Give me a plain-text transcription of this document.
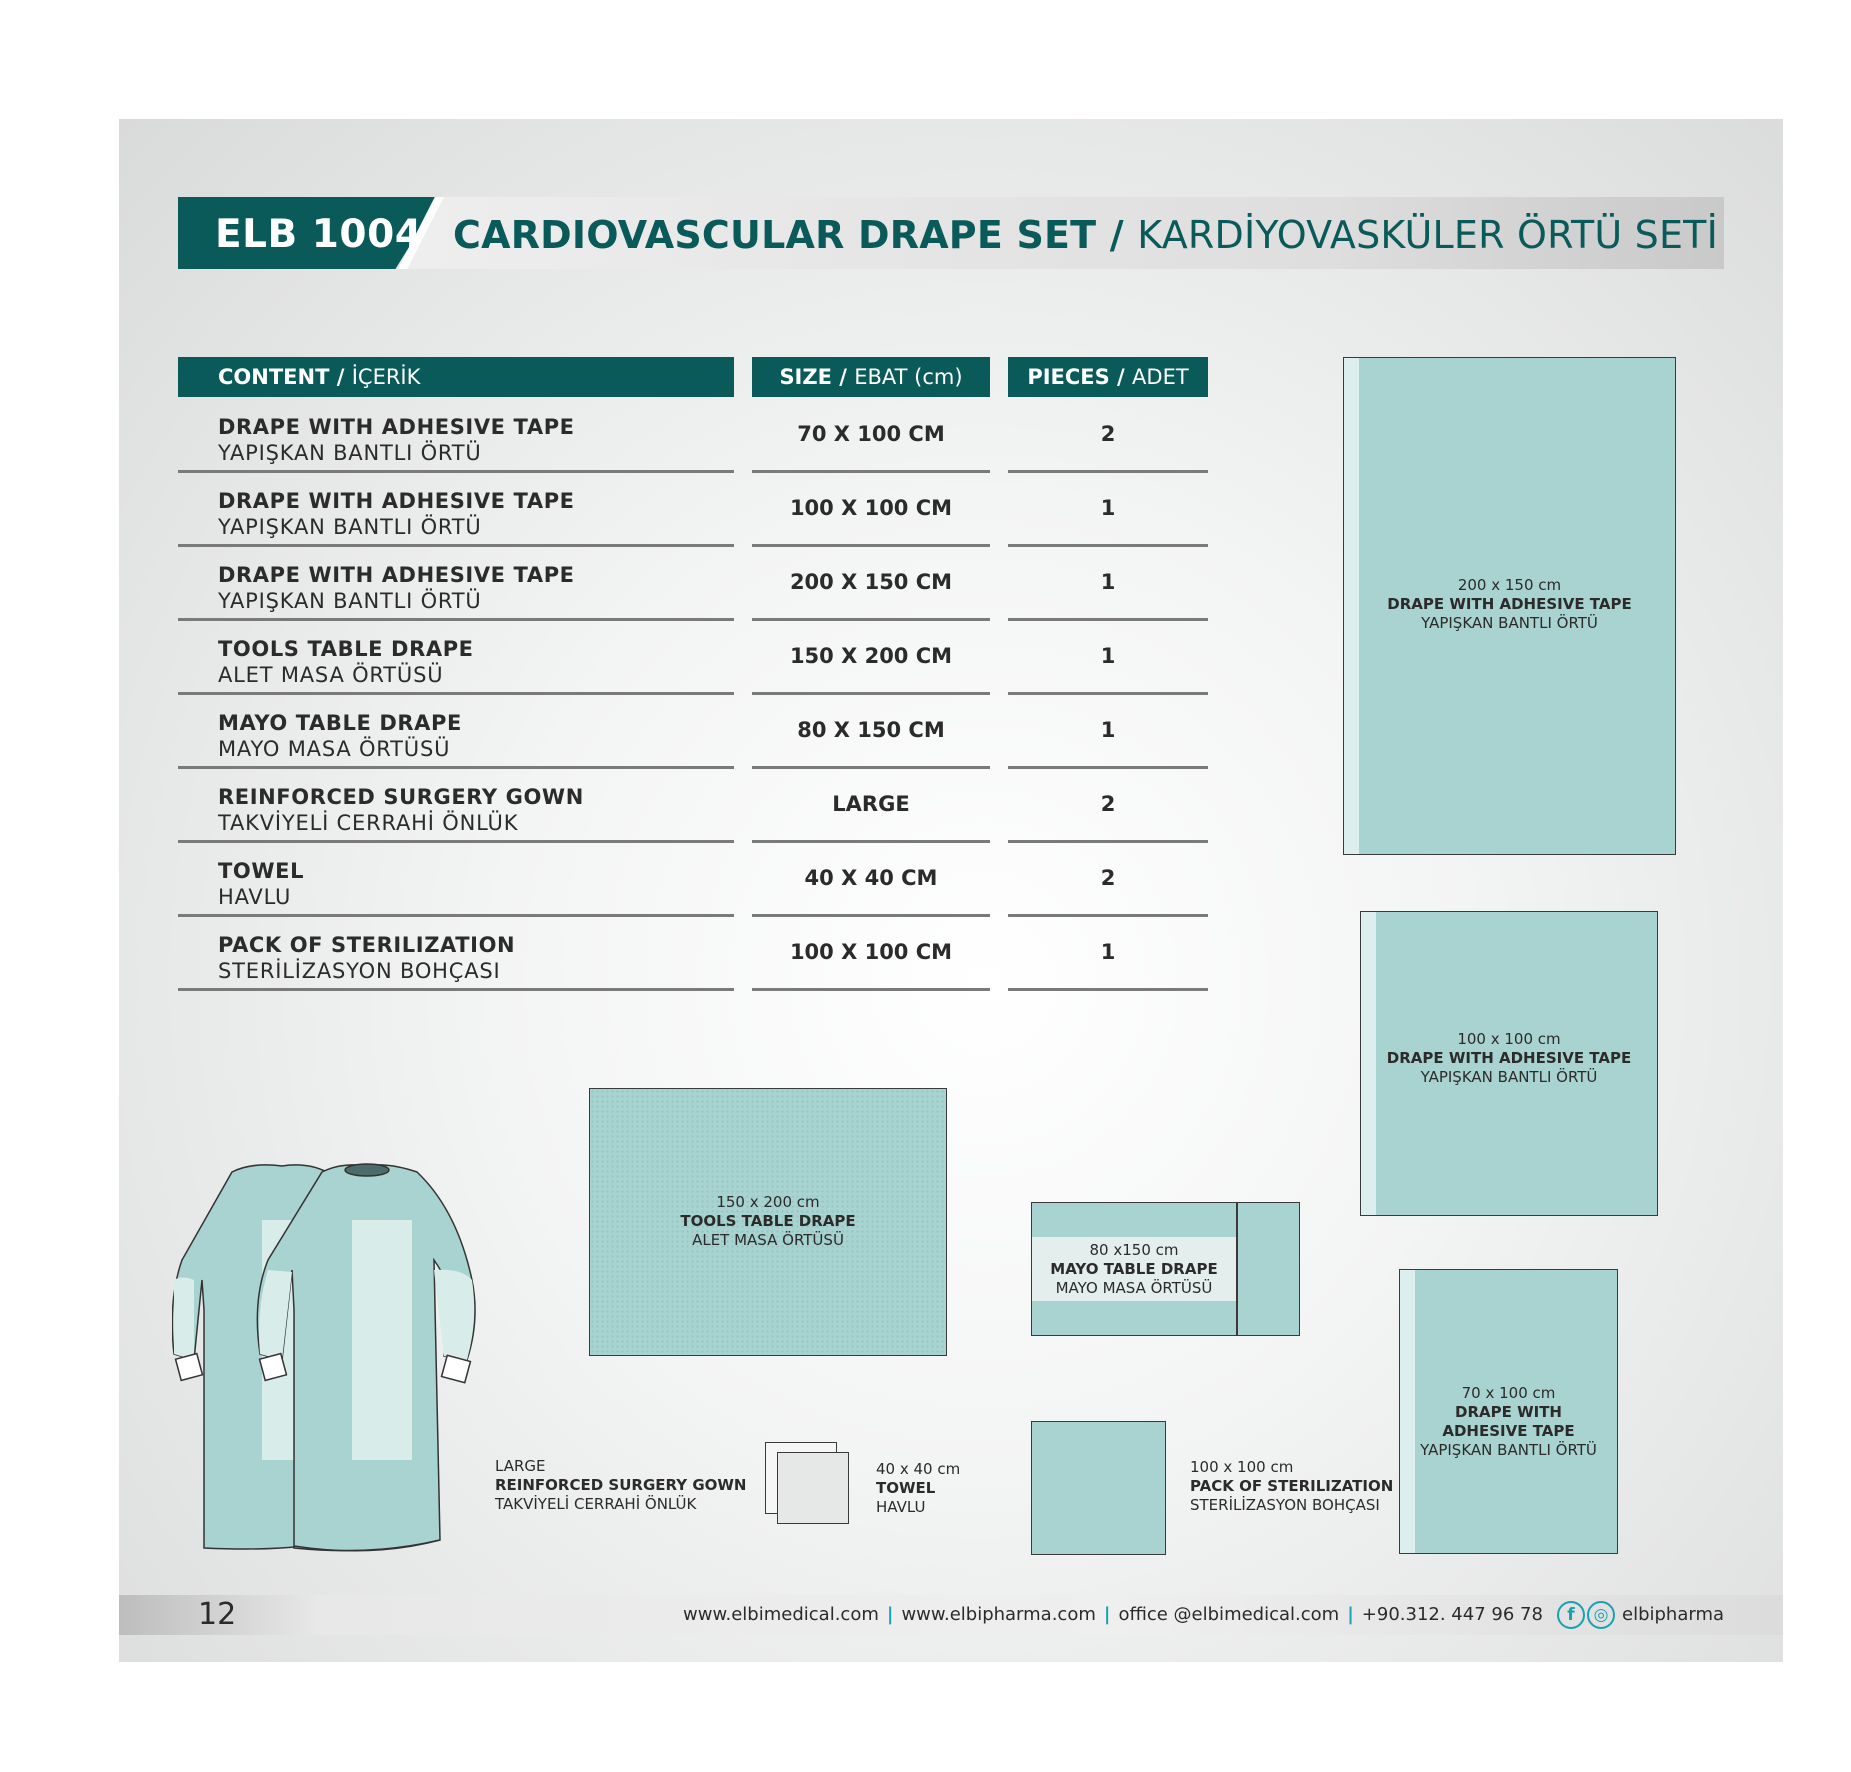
ELB 1004 CARDIOVASCULAR DRAPE SET / KARDİYOVASKÜLER ÖRTÜ SETİ
CONTENT / İÇERİK	SIZE / EBAT (cm)	PIECES / ADET
DRAPE WITH ADHESIVE TAPE
YAPIŞKAN BANTLI ÖRTÜ
70 X 100 CM	2
DRAPE WITH ADHESIVE TAPE
YAPIŞKAN BANTLI ÖRTÜ
100 X 100 CM	1
DRAPE WITH ADHESIVE TAPE
YAPIŞKAN BANTLI ÖRTÜ
200 X 150 CM	1
TOOLS TABLE DRAPE
ALET MASA ÖRTÜSÜ
150 X 200 CM	1
MAYO TABLE DRAPE
MAYO MASA ÖRTÜSÜ
80 X 150 CM	1
REINFORCED SURGERY GOWN
TAKVİYELİ CERRAHİ ÖNLÜK
LARGE	2
TOWEL
HAVLU
40 X 40 CM	2
PACK OF STERILIZATION
STERİLİZASYON BOHÇASI
100 X 100 CM	1
200 x 150 cm
DRAPE WITH ADHESIVE TAPE
YAPIŞKAN BANTLI ÖRTÜ
100 x 100 cm
DRAPE WITH ADHESIVE TAPE
YAPIŞKAN BANTLI ÖRTÜ
70 x 100 cm
DRAPE WITH
ADHESIVE TAPE
YAPIŞKAN BANTLI ÖRTÜ
150 x 200 cm
TOOLS TABLE DRAPE
ALET MASA ÖRTÜSÜ
80 x150 cm
MAYO TABLE DRAPE
MAYO MASA ÖRTÜSÜ
100 x 100 cm
PACK OF STERILIZATION
STERİLİZASYON BOHÇASI
40 x 40 cm
TOWEL
HAVLU
LARGE
REINFORCED SURGERY GOWN
TAKVİYELİ CERRAHİ ÖNLÜK
12	www.elbimedical.com | www.elbipharma.com | office @elbimedical.com | +90.312. 447 96 78	f	◎ elbipharma
